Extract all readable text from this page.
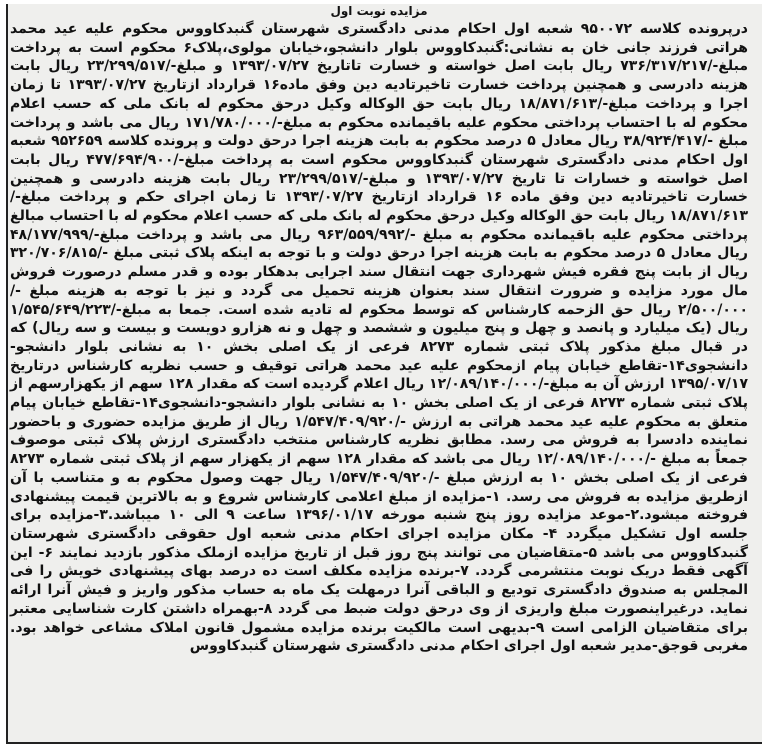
مزایده نوبت اول
درپرونده کلاسه ۹۵۰۰۷۲ شعبه اول احکام مدنی دادگستری شهرستان گنبدکاووس محکوم علیه عید محمد هراتی فرزند جانی خان به نشانی:گنبدکاووس بلوار دانشجو،خیابان مولوی،پلاک۶ محکوم است به پرداخت مبلغ-/۷۳۶/۳۱۷/۲۱۷ ریال بابت اصل خواسته و خسارت تاتاریخ ۱۳۹۳/۰۷/۲۷ و مبلغ-/۲۳/۲۹۹/۵۱۷ ریال بابت هزینه دادرسی و همچنین پرداخت خسارت تاخیرتادیه دین وفق ماده۱۶ قرارداد ازتاریخ ۱۳۹۳/۰۷/۲۷ تا زمان اجرا و پرداخت مبلغ-/۱۸/۸۷۱/۶۱۳ ریال بابت حق الوکاله وکیل درحق محکوم له بانک ملی که حسب اعلام محکوم له با احتساب پرداختی محکوم علیه باقیمانده محکوم به مبلغ-/۱۷۱/۷۸۰/۰۰۰ ریال می باشد و پرداخت مبلغ -/۳۸/۹۲۴/۴۱۷ ریال معادل ۵ درصد محکوم به بابت هزینه اجرا درحق دولت و پرونده کلاسه ۹۵۲۶۵۹ شعبه اول احکام مدنی دادگستری شهرستان گنبدکاووس محکوم است به پرداخت مبلغ-/۴۷۷/۶۹۴/۹۰۰ ریال بابت اصل خواسته و خسارات تا تاریخ ۱۳۹۳/۰۷/۲۷ و مبلغ-/۲۳/۲۹۹/۵۱۷ ریال بابت هزینه دادرسی و همچنین خسارت تاخیرتادیه دین وفق ماده ۱۶ قرارداد ازتاریخ ۱۳۹۳/۰۷/۲۷ تا زمان اجرای حکم و پرداخت مبلغ-/۱۸/۸۷۱/۶۱۳ ریال بابت حق الوکاله وکیل درحق محکوم له بانک ملی که حسب اعلام محکوم له با احتساب مبالغ پرداختی محکوم علیه باقیمانده محکوم به مبلغ -/۹۶۳/۵۵۹/۹۹۲ ریال می باشد و پرداخت مبلغ-/۴۸/۱۷۷/۹۹۹ ریال معادل ۵ درصد محکوم به بابت هزینه اجرا درحق دولت و با توجه به اینکه پلاک ثبتی مبلغ -/۳۲۰/۷۰۶/۸۱۵ ریال از بابت پنج فقره فیش شهرداری جهت انتقال سند اجرایی بدهکار بوده و قدر مسلم درصورت فروش مال مورد مزایده و ضرورت انتقال سند بعنوان هزینه تحمیل می گردد و نیز با توجه به هزینه مبلغ -/۲/۵۰۰/۰۰۰ ریال حق الزحمه کارشناس که توسط محکوم له تادیه شده است. جمعا به مبلغ-/۱/۵۴۵/۶۴۹/۲۲۳ ریال (یک میلیارد و پانصد و چهل و پنج میلیون و ششصد و چهل و نه هزارو دویست و بیست و سه ریال) که در قبال مبلغ مذکور پلاک ثبتی شماره ۸۲۷۳ فرعی از یک اصلی بخش ۱۰ به نشانی بلوار دانشجو-دانشجوی۱۴-تقاطع خیابان پیام ازمحکوم علیه عید محمد هراتی توقیف و حسب نظریه کارشناس درتاریخ ۱۳۹۵/۰۷/۱۷ ارزش آن به مبلغ-/۱۲/۰۸۹/۱۴۰/۰۰۰ ریال اعلام گردیده است که مقدار ۱۲۸ سهم از یکهزارسهم از پلاک ثبتی شماره ۸۲۷۳ فرعی از یک اصلی بخش ۱۰ به نشانی بلوار دانشجو-دانشجوی۱۴-تقاطع خیابان پیام متعلق به محکوم علیه عید محمد هراتی به ارزش -/۱/۵۴۷/۴۰۹/۹۲۰ ریال از طریق مزایده حضوری و باحضور نماینده دادسرا به فروش می رسد. مطابق نظریه کارشناس منتخب دادگستری ارزش پلاک ثبتی موصوف جمعاً به مبلغ -/۱۲/۰۸۹/۱۴۰/۰۰۰ ریال می باشد که مقدار ۱۲۸ سهم از یکهزار سهم از پلاک ثبتی شماره ۸۲۷۳ فرعی از یک اصلی بخش ۱۰ به ارزش مبلغ -/۱/۵۴۷/۴۰۹/۹۲۰ ریال جهت وصول محکوم به و متناسب با آن ازطریق مزایده به فروش می رسد. ۱-مزایده از مبلغ اعلامی کارشناس شروع و به بالاترین قیمت پیشنهادی فروخته میشود.۲-موعد مزایده روز پنج شنبه مورخه ۱۳۹۶/۰۱/۱۷ ساعت ۹ الی ۱۰ میباشد.۳-مزایده برای جلسه اول تشکیل میگردد ۴- مکان مزایده اجرای احکام مدنی شعبه اول حقوقی دادگستری شهرستان گنبدکاووس می باشد ۵-متقاضیان می توانند پنج روز قبل از تاریخ مزایده ازملک مذکور بازدید نمایند ۶- این آگهی فقط دریک نوبت منتشرمی گردد. ۷-برنده مزایده مکلف است ده درصد بهای پیشنهادی خویش را فی المجلس به صندوق دادگستری تودیع و الباقی آنرا درمهلت یک ماه به حساب مذکور واریز و فیش آنرا ارائه نماید. درغیراینصورت مبلغ واریزی از وی درحق دولت ضبط می گردد ۸-بهمراه داشتن کارت شناسایی معتبر برای متقاضیان الزامی است ۹-بدیهی است مالکیت برنده مزایده مشمول قانون املاک مشاعی خواهد بود. مغربی قوجق-مدیر شعبه اول اجرای احکام مدنی دادگستری شهرستان گنبدکاووس
